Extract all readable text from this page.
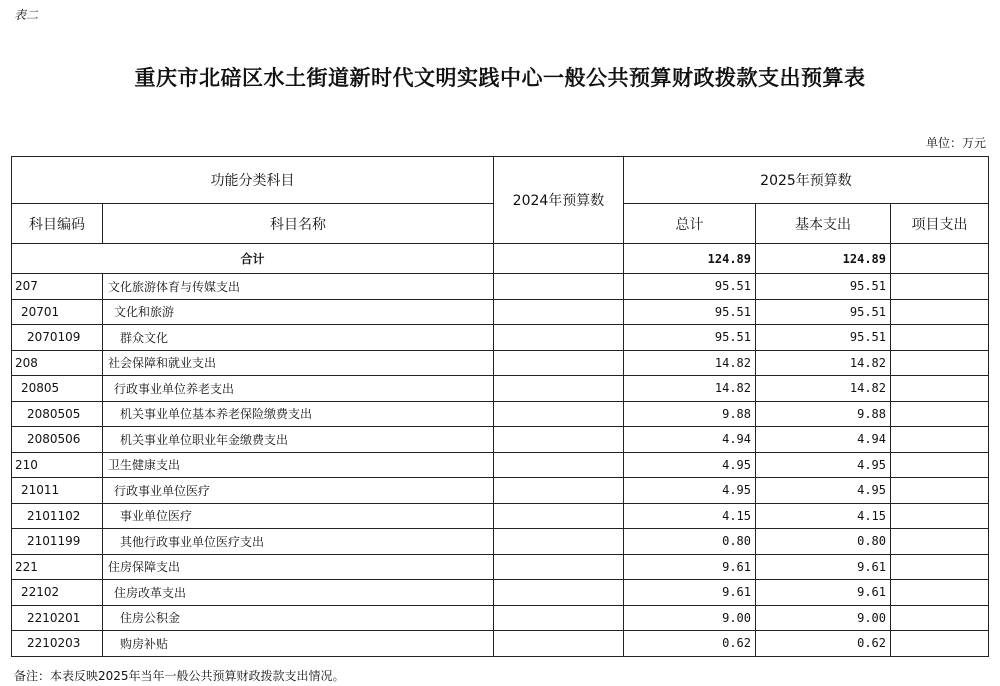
表二
重庆市北碚区水土街道新时代文明实践中心一般公共预算财政拨款支出预算表
单位：万元
功能分类科目		2024年预算数	2025年预算数		
科目编码	科目名称		总计	基本支出	项目支出
合计			124.89	124.89	
207	文化旅游体育与传媒支出		95.51	95.51	
20701	文化和旅游		95.51	95.51	
2070109	群众文化		95.51	95.51	
208	社会保障和就业支出		14.82	14.82	
20805	行政事业单位养老支出		14.82	14.82	
2080505	机关事业单位基本养老保险缴费支出		9.88	9.88	
2080506	机关事业单位职业年金缴费支出		4.94	4.94	
210	卫生健康支出		4.95	4.95	
21011	行政事业单位医疗		4.95	4.95	
2101102	事业单位医疗		4.15	4.15	
2101199	其他行政事业单位医疗支出		0.80	0.80	
221	住房保障支出		9.61	9.61	
22102	住房改革支出		9.61	9.61	
2210201	住房公积金		9.00	9.00	
2210203	购房补贴		0.62	0.62	
备注：本表反映2025年当年一般公共预算财政拨款支出情况。
